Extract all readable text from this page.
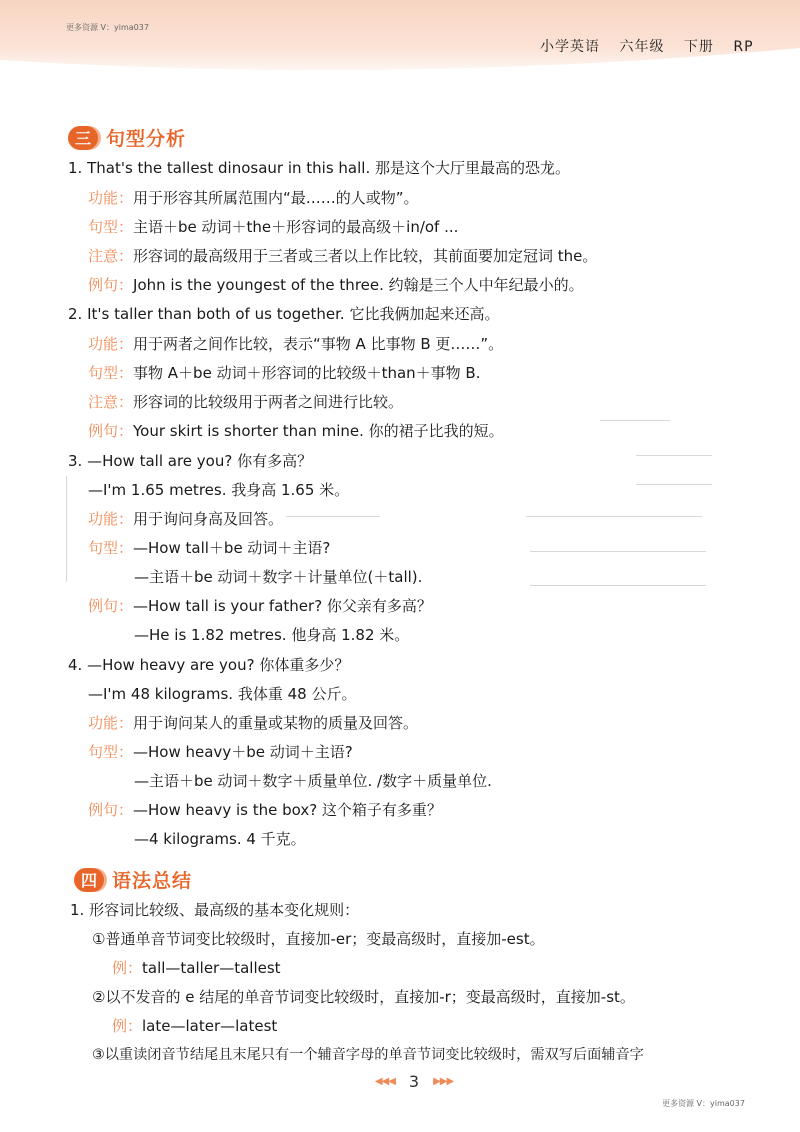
更多资源 V：yima037
小学英语 六年级 下册 RP
三 句型分析
1. That's the tallest dinosaur in this hall. 那是这个大厅里最高的恐龙。
功能：用于形容其所属范围内“最……的人或物”。
句型：主语＋be 动词＋the＋形容词的最高级＋in/of ...
注意：形容词的最高级用于三者或三者以上作比较，其前面要加定冠词 the。
例句：John is the youngest of the three. 约翰是三个人中年纪最小的。
2. It's taller than both of us together. 它比我俩加起来还高。
功能：用于两者之间作比较，表示“事物 A 比事物 B 更……”。
句型：事物 A＋be 动词＋形容词的比较级＋than＋事物 B.
注意：形容词的比较级用于两者之间进行比较。
例句：Your skirt is shorter than mine. 你的裙子比我的短。
3. —How tall are you? 你有多高？
—I'm 1.65 metres. 我身高 1.65 米。
功能：用于询问身高及回答。
句型：—How tall＋be 动词＋主语?
—主语＋be 动词＋数字＋计量单位(＋tall).
例句：—How tall is your father? 你父亲有多高？
—He is 1.82 metres. 他身高 1.82 米。
4. —How heavy are you? 你体重多少？
—I'm 48 kilograms. 我体重 48 公斤。
功能：用于询问某人的重量或某物的质量及回答。
句型：—How heavy＋be 动词＋主语?
—主语＋be 动词＋数字＋质量单位. /数字＋质量单位.
例句：—How heavy is the box? 这个箱子有多重？
—4 kilograms. 4 千克。
四 语法总结
1. 形容词比较级、最高级的基本变化规则：
①普通单音节词变比较级时，直接加-er；变最高级时，直接加-est。
例：tall—taller—tallest
②以不发音的 e 结尾的单音节词变比较级时，直接加-r；变最高级时，直接加-st。
例：late—later—latest
③以重读闭音节结尾且末尾只有一个辅音字母的单音节词变比较级时，需双写后面辅音字
◀◀◀ 3 ▶▶▶
更多资源 V：yima037
